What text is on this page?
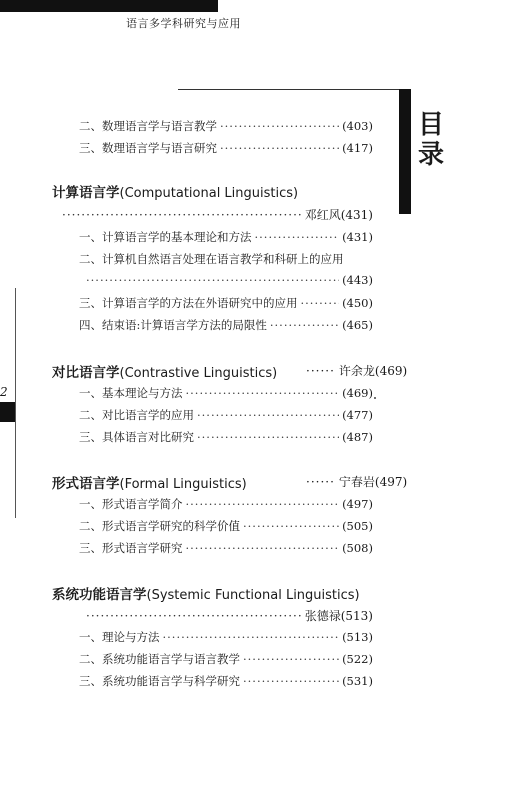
语言多学科研究与应用
目
录
2
二、数理语言学与语言教学 ·····	(403)
三、数理语言学与语言研究 ·····	(417)
计算语言学(Computational Linguistics)
·····
邓红风 (431)
一、计算语言学的基本理论和方法 ·····	(431)
二、计算机自然语言处理在语言教学和科研上的应用
·····
(443)
三、计算语言学的方法在外语研究中的应用 ·····	(450)
四、结束语:计算语言学方法的局限性 ·····	(465)
对比语言学(Contrastive Linguistics) ······ 许余龙 (469)
一、基本理论与方法 ·····	(469)
二、对比语言学的应用 ·····	(477)
三、具体语言对比研究 ·····	(487)
形式语言学(Formal Linguistics)	······ 宁春岩 (497)
一、形式语言学简介 ·····	(497)
二、形式语言学研究的科学价值 ·····	(505)
三、形式语言学研究 ·····	(508)
系统功能语言学(Systemic Functional Linguistics)
·····
张德禄 (513)
一、理论与方法 ·····	(513)
二、系统功能语言学与语言教学 ·····	(522)
三、系统功能语言学与科学研究 ·····	(531)
